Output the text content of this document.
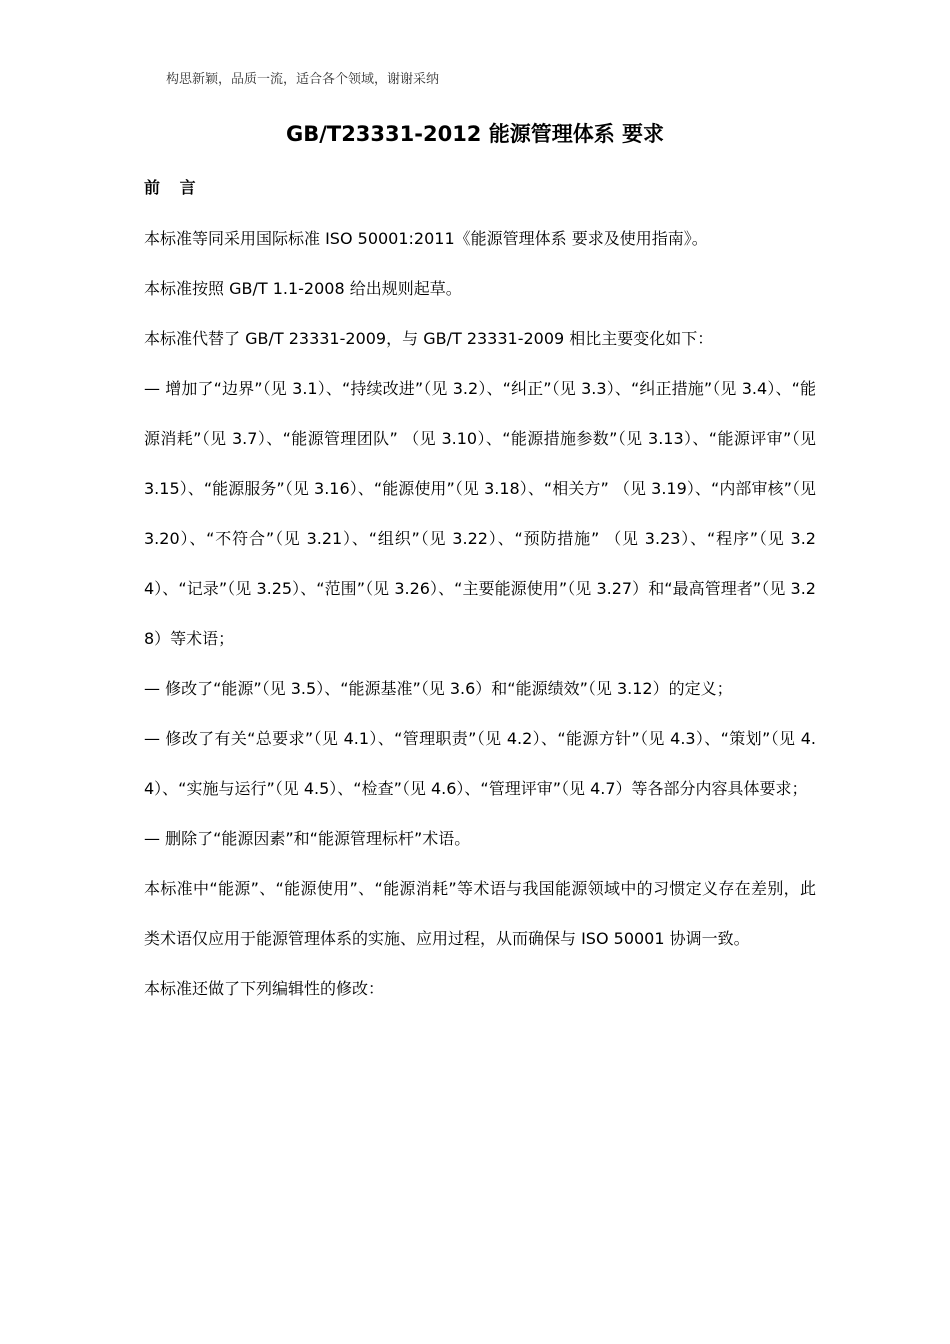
构思新颖，品质一流，适合各个领域，谢谢采纳
GB/T23331-2012 能源管理体系 要求
前 言

本标准等同采用国际标准 ISO 50001:2011《能源管理体系 要求及使用指南》。

本标准按照 GB/T 1.1-2008 给出规则起草。

本标准代替了 GB/T 23331-2009，与 GB/T 23331-2009 相比主要变化如下：

— 增加了“边界”（见 3.1）、“持续改进”（见 3.2）、“纠正”（见 3.3）、“纠正措施”（见 3.4）、“能源消耗”（见 3.7）、“能源管理团队” （见 3.10）、“能源措施参数”（见 3.13）、“能源评审”（见 3.15）、“能源服务”（见 3.16）、“能源使用”（见 3.18）、“相关方” （见 3.19）、“内部审核”（见 3.20）、“不符合”（见 3.21）、“组织”（见 3.22）、“预防措施” （见 3.23）、“程序”（见 3.24）、“记录”（见 3.25）、“范围”（见 3.26）、“主要能源使用”（见 3.27）和“最高管理者”（见 3.28）等术语；

— 修改了“能源”（见 3.5）、“能源基准”（见 3.6）和“能源绩效”（见 3.12）的定义；

— 修改了有关“总要求”（见 4.1）、“管理职责”（见 4.2）、“能源方针”（见 4.3）、“策划”（见 4.4）、“实施与运行”（见 4.5）、“检查”（见 4.6）、“管理评审”（见 4.7）等各部分内容具体要求；

— 删除了“能源因素”和“能源管理标杆”术语。

本标准中“能源”、“能源使用”、“能源消耗”等术语与我国能源领域中的习惯定义存在差别，此类术语仅应用于能源管理体系的实施、应用过程，从而确保与 ISO 50001 协调一致。

本标准还做了下列编辑性的修改：
